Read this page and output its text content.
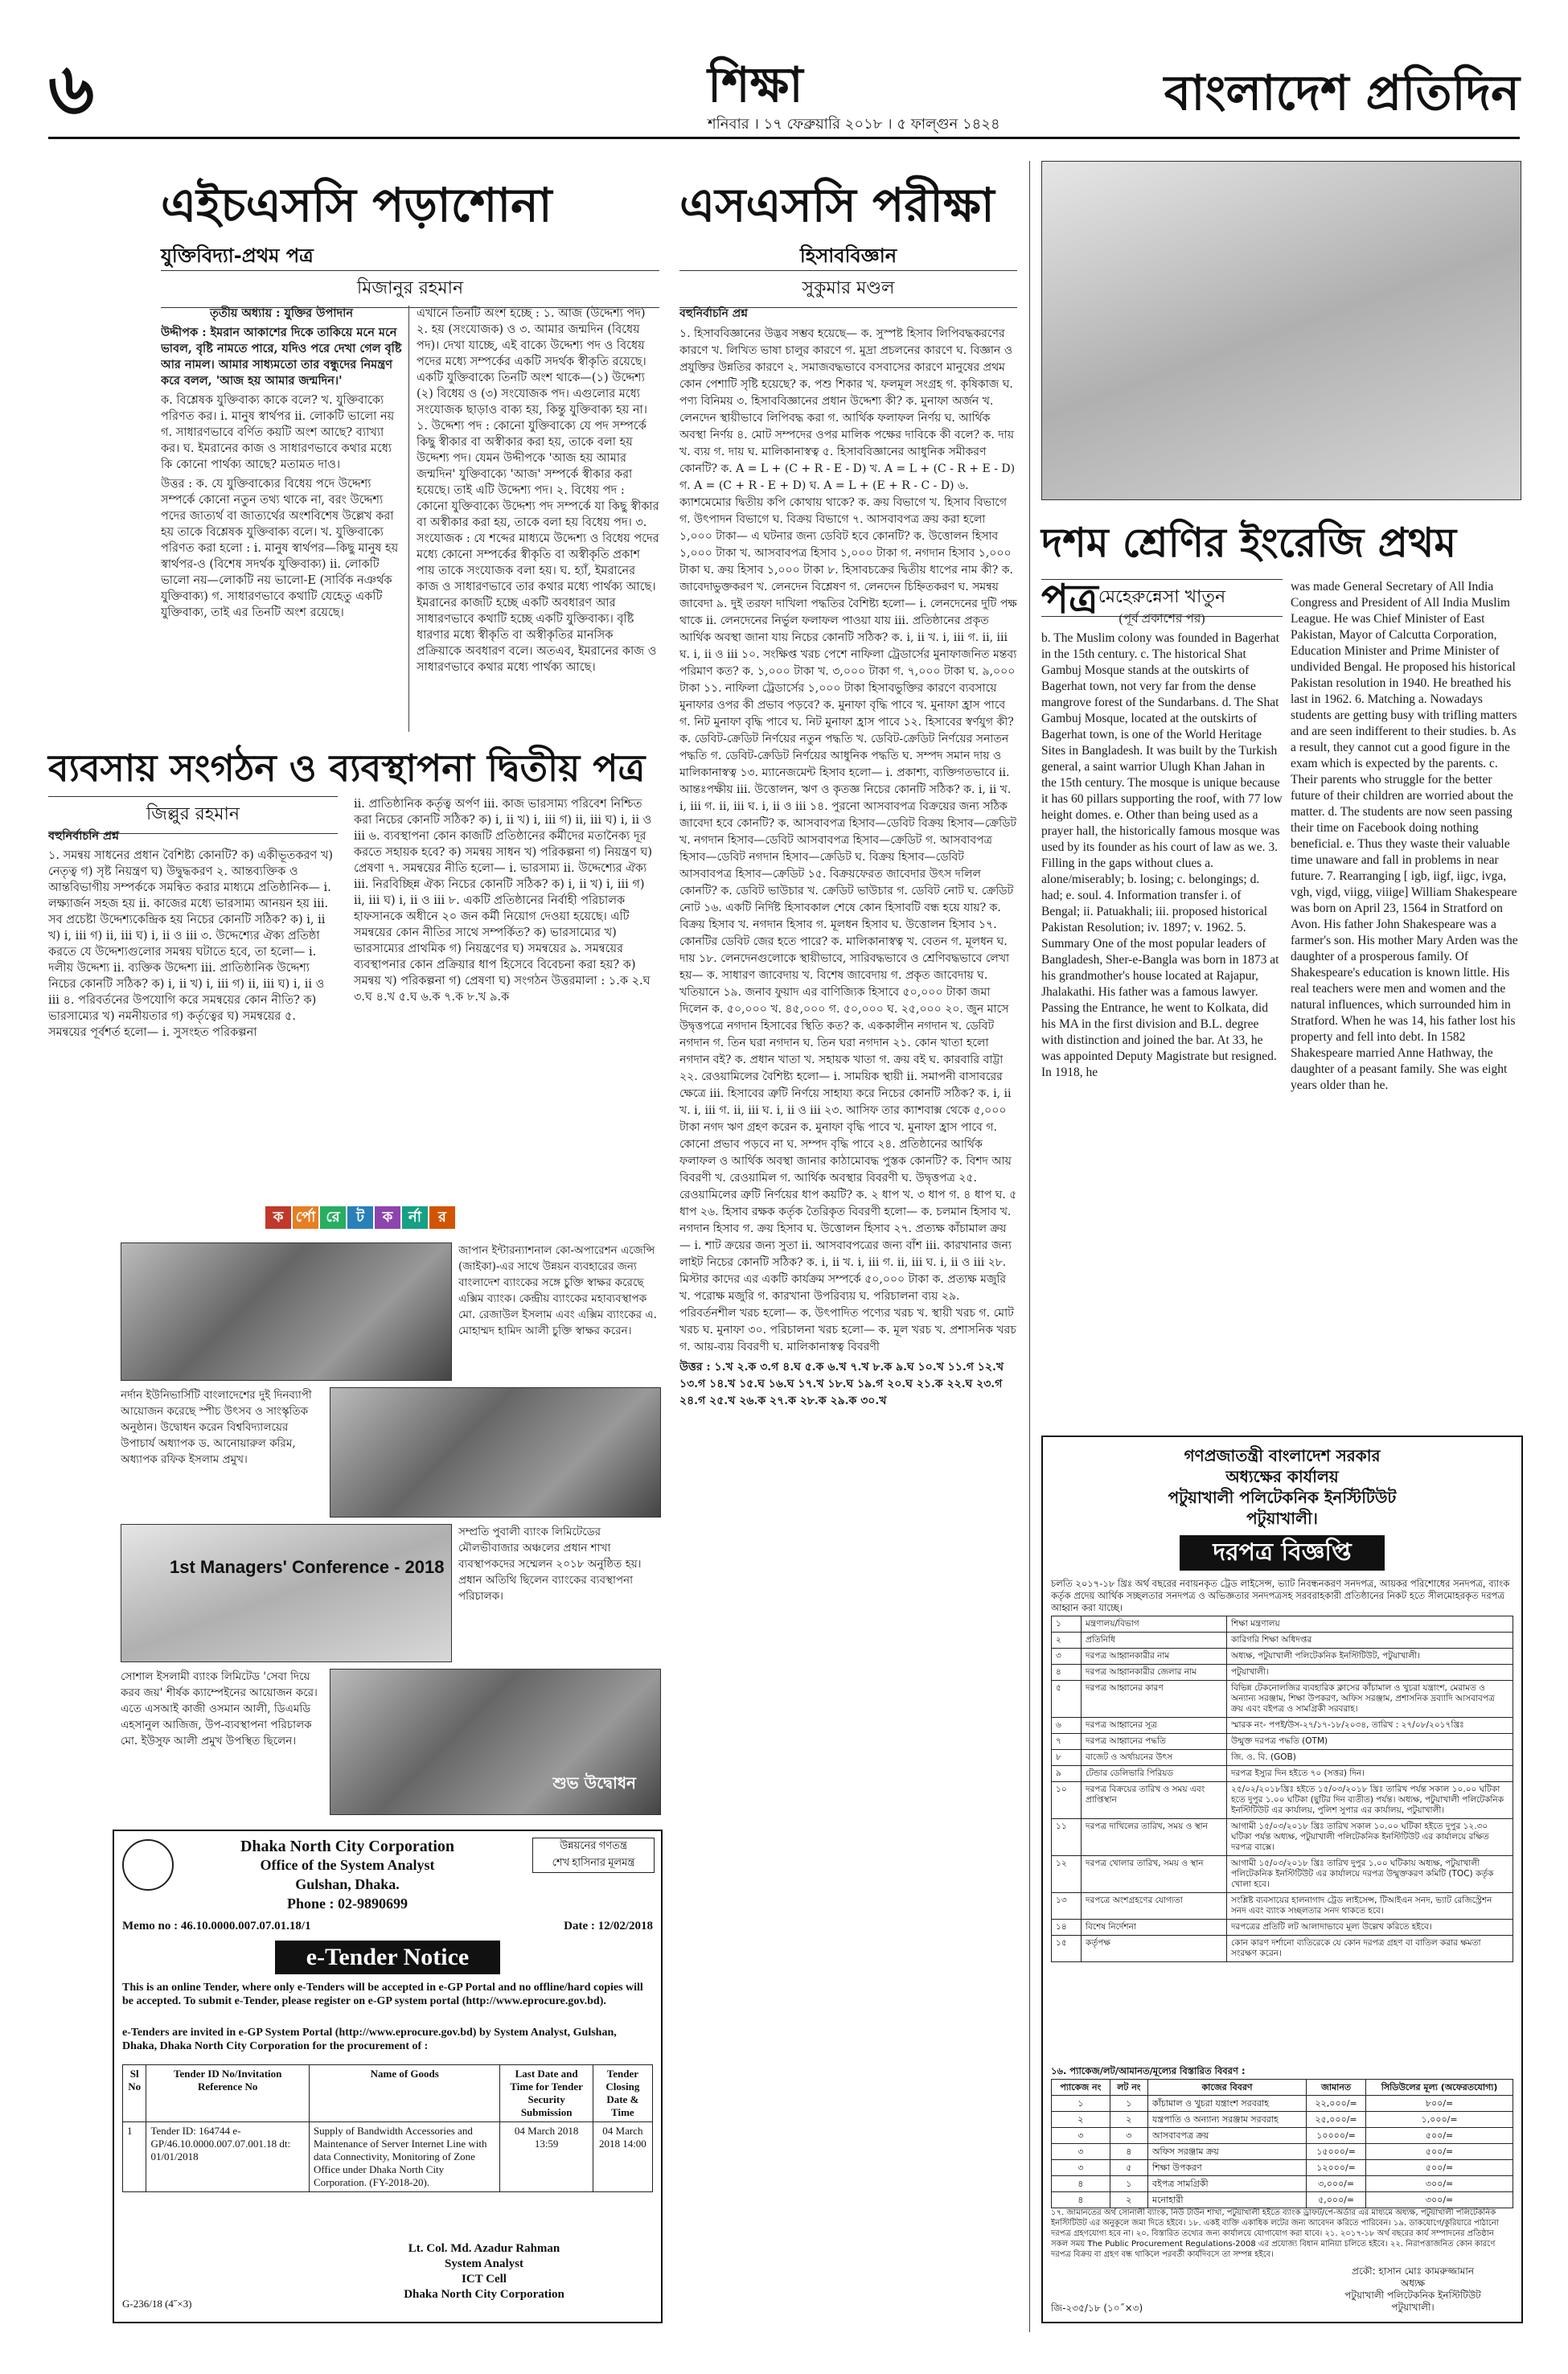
৬	শিক্ষা
শনিবার । ১৭ ফেব্রুয়ারি ২০১৮ । ৫ ফাল্গুন ১৪২৪
বাংলাদেশ প্রতিদিন
এইচএসসি পড়াশোনা
যুক্তিবিদ্যা-প্রথম পত্র
মিজানুর রহমান

তৃতীয় অধ্যায় : যুক্তির উপাদান

উদ্দীপক : ইমরান আকাশের দিকে তাকিয়ে মনে মনে ভাবল, বৃষ্টি নামতে পারে, যদিও পরে দেখা গেল বৃষ্টি আর নামল। আমার সাধ্যমতো তার বন্ধুদের নিমন্ত্রণ করে বলল, 'আজ হয় আমার জন্মদিন।'

ক. বিশ্লেষক যুক্তিবাক্য কাকে বলে? খ. যুক্তিবাক্যে পরিণত কর। i. মানুষ স্বার্থপর ii. লোকটি ভালো নয় গ. সাধারণভাবে বর্ণিত কয়টি অংশ আছে? ব্যাখ্যা কর। ঘ. ইমরানের কাজ ও সাধারণভাবে কথার মধ্যে কি কোনো পার্থক্য আছে? মতামত দাও।

উত্তর : ক. যে যুক্তিবাক্যের বিধেয় পদে উদ্দেশ্য সম্পর্কে কোনো নতুন তথ্য থাকে না, বরং উদ্দেশ্য পদের জাত্যর্থ বা জাত্যর্থের অংশবিশেষ উল্লেখ করা হয় তাকে বিশ্লেষক যুক্তিবাক্য বলে। খ. যুক্তিবাক্যে পরিণত করা হলো : i. মানুষ স্বার্থপর—কিছু মানুষ হয় স্বার্থপর-ও (বিশেষ সদর্থক যুক্তিবাক্য) ii. লোকটি ভালো নয়—লোকটি নয় ভালো-E (সার্বিক নঞর্থক যুক্তিবাক্য) গ. সাধারণভাবে কথাটি যেহেতু একটি যুক্তিবাক্য, তাই এর তিনটি অংশ রয়েছে।

এখানে তিনটি অংশ হচ্ছে : ১. আজ (উদ্দেশ্য পদ) ২. হয় (সংযোজক) ও ৩. আমার জন্মদিন (বিধেয় পদ)। দেখা যাচ্ছে, এই বাক্যে উদ্দেশ্য পদ ও বিধেয় পদের মধ্যে সম্পর্কের একটি সদর্থক স্বীকৃতি রয়েছে। একটি যুক্তিবাক্যে তিনটি অংশ থাকে—(১) উদ্দেশ্য (২) বিধেয় ও (৩) সংযোজক পদ। এগুলোর মধ্যে সংযোজক ছাড়াও বাক্য হয়, কিন্তু যুক্তিবাক্য হয় না। ১. উদ্দেশ্য পদ : কোনো যুক্তিবাক্যে যে পদ সম্পর্কে কিছু স্বীকার বা অস্বীকার করা হয়, তাকে বলা হয় উদ্দেশ্য পদ। যেমন উদ্দীপকে 'আজ হয় আমার জন্মদিন' যুক্তিবাক্যে 'আজ' সম্পর্কে স্বীকার করা হয়েছে। তাই এটি উদ্দেশ্য পদ। ২. বিধেয় পদ : কোনো যুক্তিবাক্যে উদ্দেশ্য পদ সম্পর্কে যা কিছু স্বীকার বা অস্বীকার করা হয়, তাকে বলা হয় বিধেয় পদ। ৩. সংযোজক : যে শব্দের মাধ্যমে উদ্দেশ্য ও বিধেয় পদের মধ্যে কোনো সম্পর্কের স্বীকৃতি বা অস্বীকৃতি প্রকাশ পায় তাকে সংযোজক বলা হয়। ঘ. হ্যাঁ, ইমরানের কাজ ও সাধারণভাবে তার কথার মধ্যে পার্থক্য আছে। ইমরানের কাজটি হচ্ছে একটি অবধারণ আর সাধারণভাবে কথাটি হচ্ছে একটি যুক্তিবাক্য। বৃষ্টি ধারণার মধ্যে স্বীকৃতি বা অস্বীকৃতির মানসিক প্রক্রিয়াকে অবধারণ বলে। অতএব, ইমরানের কাজ ও সাধারণভাবে কথার মধ্যে পার্থক্য আছে।

এসএসসি পরীক্ষা
হিসাববিজ্ঞান
সুকুমার মণ্ডল

বহুনির্বাচনি প্রশ্ন

১. হিসাববিজ্ঞানের উদ্ভব সম্ভব হয়েছে— ক. সুস্পষ্ট হিসাব লিপিবদ্ধকরণের কারণে খ. লিখিত ভাষা চালুর কারণে গ. মুদ্রা প্রচলনের কারণে ঘ. বিজ্ঞান ও প্রযুক্তির উন্নতির কারণে ২. সমাজবদ্ধভাবে বসবাসের কারণে মানুষের প্রথম কোন পেশাটি সৃষ্টি হয়েছে? ক. পশু শিকার খ. ফলমূল সংগ্রহ গ. কৃষিকাজ ঘ. পণ্য বিনিময় ৩. হিসাববিজ্ঞানের প্রধান উদ্দেশ্য কী? ক. মুনাফা অর্জন খ. লেনদেন স্থায়ীভাবে লিপিবদ্ধ করা গ. আর্থিক ফলাফল নির্ণয় ঘ. আর্থিক অবস্থা নির্ণয় ৪. মোট সম্পদের ওপর মালিক পক্ষের দাবিকে কী বলে? ক. দায় খ. ব্যয় গ. দায় ঘ. মালিকানাস্বত্ব ৫. হিসাববিজ্ঞানের আধুনিক সমীকরণ কোনটি? ক. A = L + (C + R - E - D) খ. A = L + (C - R + E - D) গ. A = (C + R - E + D) ঘ. A = L + (E + R - C - D) ৬. ক্যাশমেমোর দ্বিতীয় কপি কোথায় থাকে? ক. ক্রয় বিভাগে খ. হিসাব বিভাগে গ. উৎপাদন বিভাগে ঘ. বিক্রয় বিভাগে ৭. আসবাবপত্র ক্রয় করা হলো ১,০০০ টাকা— এ ঘটনার জন্য ডেবিট হবে কোনটি? ক. উত্তোলন হিসাব ১,০০০ টাকা খ. আসবাবপত্র হিসাব ১,০০০ টাকা গ. নগদান হিসাব ১,০০০ টাকা ঘ. ক্রয় হিসাব ১,০০০ টাকা ৮. হিসাবচক্রের দ্বিতীয় ধাপের নাম কী? ক. জাবেদাভুক্তকরণ খ. লেনদেন বিশ্লেষণ গ. লেনদেন চিহ্নিতকরণ ঘ. সমন্বয় জাবেদা ৯. দুই তরফা দাখিলা পদ্ধতির বৈশিষ্ট্য হলো— i. লেনদেনের দুটি পক্ষ থাকে ii. লেনদেনের নির্ভুল ফলাফল পাওয়া যায় iii. প্রতিষ্ঠানের প্রকৃত আর্থিক অবস্থা জানা যায় নিচের কোনটি সঠিক? ক. i, ii খ. i, iii গ. ii, iii ঘ. i, ii ও iii ১০. সংক্ষিপ্ত খরচ পেশে নাফিলা ট্রেডার্সের মুনাফাজনিত মন্তব্য পরিমাণ কত? ক. ১,০০০ টাকা খ. ৩,০০০ টাকা গ. ৭,০০০ টাকা ঘ. ৯,০০০ টাকা ১১. নাফিলা ট্রেডার্সের ১,০০০ টাকা হিসাবভুক্তির কারণে ব্যবসায়ে মুনাফার ওপর কী প্রভাব পড়বে? ক. মুনাফা বৃদ্ধি পাবে খ. মুনাফা হ্রাস পাবে গ. নিট মুনাফা বৃদ্ধি পাবে ঘ. নিট মুনাফা হ্রাস পাবে ১২. হিসাবের স্বর্ণযুগ কী? ক. ডেবিট-ক্রেডিট নির্ণয়ের নতুন পদ্ধতি খ. ডেবিট-ক্রেডিট নির্ণয়ের সনাতন পদ্ধতি গ. ডেবিট-ক্রেডিট নির্ণয়ের আধুনিক পদ্ধতি ঘ. সম্পদ সমান দায় ও মালিকানাস্বত্ব ১৩. ম্যানেজমেন্ট হিসাব হলো— i. প্রকাশ্য, ব্যক্তিগতভাবে ii. আন্তঃপক্ষীয় iii. উত্তোলন, ঋণ ও কৃতজ্ঞ নিচের কোনটি সঠিক? ক. i, ii খ. i, iii গ. ii, iii ঘ. i, ii ও iii ১৪. পুরনো আসবাবপত্র বিক্রয়ের জন্য সঠিক জাবেদা হবে কোনটি? ক. আসবাবপত্র হিসাব—ডেবিট বিক্রয় হিসাব—ক্রেডিট খ. নগদান হিসাব—ডেবিট আসবাবপত্র হিসাব—ক্রেডিট গ. আসবাবপত্র হিসাব—ডেবিট নগদান হিসাব—ক্রেডিট ঘ. বিক্রয় হিসাব—ডেবিট আসবাবপত্র হিসাব—ক্রেডিট ১৫. বিক্রয়ফেরত জাবেদার উৎস দলিল কোনটি? ক. ডেবিট ভাউচার খ. ক্রেডিট ভাউচার গ. ডেবিট নোট ঘ. ক্রেডিট নোট ১৬. একটি নির্দিষ্ট হিসাবকাল শেষে কোন হিসাবটি বন্ধ হয়ে যায়? ক. বিক্রয় হিসাব খ. নগদান হিসাব গ. মূলধন হিসাব ঘ. উত্তোলন হিসাব ১৭. কোনটির ডেবিট জের হতে পারে? ক. মালিকানাস্বত্ব খ. বেতন গ. মূলধন ঘ. দায় ১৮. লেনদেনগুলোকে স্থায়ীভাবে, সারিবদ্ধভাবে ও শ্রেণিবদ্ধভাবে লেখা হয়— ক. সাধারণ জাবেদায় খ. বিশেষ জাবেদায় গ. প্রকৃত জাবেদায় ঘ. খতিয়ানে ১৯. জনাব ফুয়াদ এর বাণিজ্যিক হিসাবে ৫০,০০০ টাকা জমা দিলেন ক. ৫০,০০০ খ. ৪৫,০০০ গ. ৫০,০০০ ঘ. ২৫,০০০ ২০. জুন মাসে উদ্বৃত্তপত্রে নগদান হিসাবের স্থিতি কত? ক. এককালীন নগদান খ. ডেবিট নগদান গ. তিন ঘরা নগদান ঘ. তিন ঘরা নগদান ২১. কোন খাতা হলো নগদান বই? ক. প্রধান খাতা খ. সহায়ক খাতা গ. ক্রয় বই ঘ. কারবারি বাট্টা ২২. রেওয়ামিলের বৈশিষ্ট্য হলো— i. সাময়িক স্থায়ী ii. সমাপনী বাসাবরের ক্ষেত্রে iii. হিসাবের ত্রুটি নির্ণয়ে সাহায্য করে নিচের কোনটি সঠিক? ক. i, ii খ. i, iii গ. ii, iii ঘ. i, ii ও iii ২৩. আসিফ তার ক্যাশবাক্স থেকে ৫,০০০ টাকা নগদ ঋণ গ্রহণ করেন ক. মুনাফা বৃদ্ধি পাবে খ. মুনাফা হ্রাস পাবে গ. কোনো প্রভাব পড়বে না ঘ. সম্পদ বৃদ্ধি পাবে ২৪. প্রতিষ্ঠানের আর্থিক ফলাফল ও আর্থিক অবস্থা জানার কাঠামোবদ্ধ পুস্তক কোনটি? ক. বিশদ আয় বিবরণী খ. রেওয়ামিল গ. আর্থিক অবস্থার বিবরণী ঘ. উদ্বৃত্তপত্র ২৫. রেওয়ামিলের ত্রুটি নির্ণয়ের ধাপ কয়টি? ক. ২ ধাপ খ. ৩ ধাপ গ. ৪ ধাপ ঘ. ৫ ধাপ ২৬. হিসাব রক্ষক কর্তৃক তৈরিকৃত বিবরণী হলো— ক. চলমান হিসাব খ. নগদান হিসাব গ. ক্রয় হিসাব ঘ. উত্তোলন হিসাব ২৭. প্রত্যক্ষ কাঁচামাল ক্রয়— i. শাট ক্রয়ের জন্য সুতা ii. আসবাবপত্রের জন্য বাঁশ iii. কারখানার জন্য লাইট নিচের কোনটি সঠিক? ক. i, ii খ. i, iii গ. ii, iii ঘ. i, ii ও iii ২৮. মিস্টার কাদের এর একটি কার্যক্রম সম্পর্কে ৫০,০০০ টাকা ক. প্রত্যক্ষ মজুরি খ. পরোক্ষ মজুরি গ. কারখানা উপরিব্যয় ঘ. পরিচালনা ব্যয় ২৯. পরিবর্তনশীল খরচ হলো— ক. উৎপাদিত পণ্যের খরচ খ. স্থায়ী খরচ গ. মোট খরচ ঘ. মুনাফা ৩০. পরিচালনা খরচ হলো— ক. মূল খরচ খ. প্রশাসনিক খরচ গ. আয়-ব্যয় বিবরণী ঘ. মালিকানাস্বত্ব বিবরণী

উত্তর : ১.খ ২.ক ৩.গ ৪.ঘ ৫.ক ৬.খ ৭.খ ৮.ক ৯.ঘ ১০.খ ১১.গ ১২.খ ১৩.গ ১৪.খ ১৫.ঘ ১৬.ঘ ১৭.খ ১৮.ঘ ১৯.গ ২০.ঘ ২১.ক ২২.ঘ ২৩.গ ২৪.গ ২৫.খ ২৬.ক ২৭.ক ২৮.ক ২৯.ক ৩০.খ

দশম শ্রেণির ইংরেজি প্রথম পত্র মেহেরুন্নেসা খাতুন

(পূর্ব প্রকাশের পর)

b. The Muslim colony was founded in Bagerhat in the 15th century. c. The historical Shat Gambuj Mosque stands at the outskirts of Bagerhat town, not very far from the dense mangrove forest of the Sundarbans. d. The Shat Gambuj Mosque, located at the outskirts of Bagerhat town, is one of the World Heritage Sites in Bangladesh. It was built by the Turkish general, a saint warrior Ulugh Khan Jahan in the 15th century. The mosque is unique because it has 60 pillars supporting the roof, with 77 low height domes. e. Other than being used as a prayer hall, the historically famous mosque was used by its founder as his court of law as we. 3. Filling in the gaps without clues a. alone/miserably; b. losing; c. belongings; d. had; e. soul. 4. Information transfer i. of Bengal; ii. Patuakhali; iii. proposed historical Pakistan Resolution; iv. 1897; v. 1962. 5. Summary One of the most popular leaders of Bangladesh, Sher-e-Bangla was born in 1873 at his grandmother's house located at Rajapur, Jhalakathi. His father was a famous lawyer. Passing the Entrance, he went to Kolkata, did his MA in the first division and B.L. degree with distinction and joined the bar. At 33, he was appointed Deputy Magistrate but resigned. In 1918, he

was made General Secretary of All India Congress and President of All India Muslim League. He was Chief Minister of East Pakistan, Mayor of Calcutta Corporation, Education Minister and Prime Minister of undivided Bengal. He proposed his historical Pakistan resolution in 1940. He breathed his last in 1962. 6. Matching a. Nowadays students are getting busy with trifling matters and are seen indifferent to their studies. b. As a result, they cannot cut a good figure in the exam which is expected by the parents. c. Their parents who struggle for the better future of their children are worried about the matter. d. The students are now seen passing their time on Facebook doing nothing beneficial. e. Thus they waste their valuable time unaware and fall in problems in near future. 7. Rearranging [ igb, iigf, iigc, ivga, vgh, vigd, viigg, viiige] William Shakespeare was born on April 23, 1564 in Stratford on Avon. His father John Shakespeare was a farmer's son. His mother Mary Arden was the daughter of a prosperous family. Of Shakespeare's education is known little. His real teachers were men and women and the natural influences, which surrounded him in Stratford. When he was 14, his father lost his property and fell into debt. In 1582 Shakespeare married Anne Hathway, the daughter of a peasant family. She was eight years older than he.

ব্যবসায় সংগঠন ও ব্যবস্থাপনা দ্বিতীয় পত্র
জিল্লুর রহমান

বহুনির্বাচনি প্রশ্ন

১. সমন্বয় সাধনের প্রধান বৈশিষ্ট্য কোনটি? ক) একীভূতকরণ খ) নেতৃত্ব গ) সৃষ্ট নিয়ন্ত্রণ ঘ) উদ্বুদ্ধকরণ ২. আন্তব্যক্তিক ও আন্তবিভাগীয় সম্পর্ককে সমন্বিত করার মাধ্যমে প্রতিষ্ঠানিক— i. লক্ষ্যার্জন সহজ হয় ii. কাজের মধ্যে ভারসাম্য আনয়ন হয় iii. সব প্রচেষ্টা উদ্দেশ্যকেন্দ্রিক হয় নিচের কোনটি সঠিক? ক) i, ii খ) i, iii গ) ii, iii ঘ) i, ii ও iii ৩. উদ্দেশ্যের ঐক্য প্রতিষ্ঠা করতে যে উদ্দেশ্যগুলোর সমন্বয় ঘটাতে হবে, তা হলো— i. দলীয় উদ্দেশ্য ii. ব্যক্তিক উদ্দেশ্য iii. প্রাতিষ্ঠানিক উদ্দেশ্য নিচের কোনটি সঠিক? ক) i, ii খ) i, iii গ) ii, iii ঘ) i, ii ও iii ৪. পরিবর্তনের উপযোগি করে সমন্বয়ের কোন নীতি? ক) ভারসাম্যের খ) নমনীয়তার গ) কর্তৃত্বের ঘ) সমন্বয়ের ৫. সমন্বয়ের পূর্বশর্ত হলো— i. সুসংহত পরিকল্পনা

ii. প্রাতিষ্ঠানিক কর্তৃত্ব অর্পণ iii. কাজ ভারসাম্য পরিবেশ নিশ্চিত করা নিচের কোনটি সঠিক? ক) i, ii খ) i, iii গ) ii, iii ঘ) i, ii ও iii ৬. ব্যবস্থাপনা কোন কাজটি প্রতিষ্ঠানের কর্মীদের মতানৈক্য দূর করতে সহায়ক হবে? ক) সমন্বয় সাধন খ) পরিকল্পনা গ) নিয়ন্ত্রণ ঘ) প্রেষণা ৭. সমন্বয়ের নীতি হলো— i. ভারসাম্য ii. উদ্দেশ্যের ঐক্য iii. নিরবিচ্ছিন্ন ঐক্য নিচের কোনটি সঠিক? ক) i, ii খ) i, iii গ) ii, iii ঘ) i, ii ও iii ৮. একটি প্রতিষ্ঠানের নির্বাহী পরিচালক হাফসানকে অধীনে ২০ জন কর্মী নিয়োগ দেওয়া হয়েছে। এটি সমন্বয়ের কোন নীতির সাথে সম্পর্কিত? ক) ভারসাম্যের খ) ভারসাম্যের প্রাথমিক গ) নিয়ন্ত্রণের ঘ) সমন্বয়ের ৯. সমন্বয়ের ব্যবস্থাপনার কোন প্রক্রিয়ার ধাপ হিসেবে বিবেচনা করা হয়? ক) সমন্বয় খ) পরিকল্পনা গ) প্রেষণা ঘ) সংগঠন উত্তরমালা : ১.ক ২.ঘ ৩.ঘ ৪.খ ৫.ঘ ৬.ক ৭.ক ৮.খ ৯.ক

ক র্পো রে ট ক র্না র
জাপান ইন্টারন্যাশনাল কো-অপারেশন এজেন্সি (জাইকা)-এর সাথে উন্নয়ন ব্যবহারের জন্য বাংলাদেশ ব্যাংকের সঙ্গে চুক্তি স্বাক্ষর করেছে এক্সিম ব্যাংক। কেন্দ্রীয় ব্যাংকের মহাব্যবস্থাপক মো. রেজাউল ইসলাম এবং এক্সিম ব্যাংকের এ. মোহাম্মদ হামিদ আলী চুক্তি স্বাক্ষর করেন।
নর্দান ইউনিভার্সিটি বাংলাদেশের দুই দিনব্যাপী আয়োজন করেছে স্পীচ উৎসব ও সাংস্কৃতিক অনুষ্ঠান। উদ্বোধন করেন বিশ্ববিদ্যালয়ের উপাচার্য অধ্যাপক ড. আনোয়ারুল করিম, অধ্যাপক রফিক ইসলাম প্রমুখ।
1st Managers' Conference - 2018
সম্প্রতি পুবালী ব্যাংক লিমিটেডের মৌলভীবাজার অঞ্চলের প্রধান শাখা ব্যবস্থাপকদের সম্মেলন ২০১৮ অনুষ্ঠিত হয়। প্রধান অতিথি ছিলেন ব্যাংকের ব্যবস্থাপনা পরিচালক।
সোশাল ইসলামী ব্যাংক লিমিটেড 'সেবা দিয়ে করব জয়' শীর্ষক ক্যাম্পেইনের আয়োজন করে। এতে এসআই কাজী ওসমান আলী, ডিএমডি এহসানুল আজিজ, উপ-ব্যবস্থাপনা পরিচালক মো. ইউসুফ আলী প্রমুখ উপস্থিত ছিলেন।
শুভ উদ্বোধন
Dhaka North City Corporation
Office of the System Analyst
Gulshan, Dhaka.
Phone : 02-9890699
উন্নয়নের গণতন্ত্র
শেখ হাসিনার মূলমন্ত্র
Memo no : 46.10.0000.007.07.01.18/1	Date : 12/02/2018
e-Tender Notice
This is an online Tender, where only e-Tenders will be accepted in e-GP Portal and no offline/hard copies will be accepted. To submit e-Tender, please register on e-GP system portal (http://www.eprocure.gov.bd).
e-Tenders are invited in e-GP System Portal (http://www.eprocure.gov.bd) by System Analyst, Gulshan, Dhaka, Dhaka North City Corporation for the procurement of :
Sl No	Tender ID No/Invitation Reference No	Name of Goods	Last Date and Time for Tender Security Submission	Tender Closing Date & Time
1	Tender ID: 164744 e-GP/46.10.0000.007.07.001.18 dt: 01/01/2018	Supply of Bandwidth Accessories and Maintenance of Server Internet Line with data Connectivity, Monitoring of Zone Office under Dhaka North City Corporation. (FY-2018-20).	04 March 2018 13:59	04 March 2018 14:00
Lt. Col. Md. Azadur Rahman
System Analyst
ICT Cell
Dhaka North City Corporation
G-236/18 (4˝×3)
গণপ্রজাতন্ত্রী বাংলাদেশ সরকার
অধ্যক্ষের কার্যালয়
পটুয়াখালী পলিটেকনিক ইনস্টিটিউট
পটুয়াখালী।
দরপত্র বিজ্ঞপ্তি
চলতি ২০১৭-১৮ খ্রিঃ অর্থ বছরের নবায়নকৃত ট্রেড লাইসেন্স, ভ্যাট নিবন্ধনকরণ সনদপত্র, আয়কর পরিশোধের সনদপত্র, ব্যাংক কর্তৃক প্রদেয় আর্থিক সচ্ছলতার সনদপত্র ও অভিজ্ঞতার সনদপত্রসহ সরবরাহকারী প্রতিষ্ঠানের নিকট হতে সীলমোহরকৃত দরপত্র আহ্বান করা যাচ্ছে।
১	মন্ত্রণালয়/বিভাগ	শিক্ষা মন্ত্রণালয়
২	প্রতিনিধি	কারিগরি শিক্ষা অধিদপ্তর
৩	দরপত্র আহ্বানকারীর নাম	অধ্যক্ষ, পটুয়াখালী পলিটেকনিক ইনস্টিটিউট, পটুয়াখালী।
৪	দরপত্র আহ্বানকারীর জেলার নাম	পটুয়াখালী।
৫	দরপত্র আহ্বানের কারণ	বিভিন্ন টেকনোলজির ব্যবহারিক ক্লাসের কাঁচামাল ও খুচরা যন্ত্রাংশ, মেরামত ও অন্যান্য সরঞ্জাম, শিক্ষা উপকরণ, অফিস সরঞ্জাম, প্রশাসনিক দ্রব্যাদি আসবাবপত্র ক্রয় এবং বইপত্র ও সামগ্রিকী সরবরাহ।
৬	দরপত্র আহ্বানের সূত্র	স্মারক নং- পপই/উস-২৭/১৭-১৮/২০৩৪, তারিখ : ২৭/০৮/২০১৭খ্রিঃ
৭	দরপত্র আহ্বানের পদ্ধতি	উন্মুক্ত দরপত্র পদ্ধতি (OTM)
৮	বাজেট ও অর্থায়নের উৎস	জি. ও. বি. (GOB)
৯	টেন্ডার ডেলিভারি পিরিয়ড	দরপত্র ইস্যুর দিন হইতে ৭০ (সত্তর) দিন।
১০	দরপত্র বিক্রয়ের তারিখ ও সময় এবং প্রাপ্তিস্থান	২৫/০২/২০১৮খ্রিঃ হইতে ১৫/০৩/২০১৮ খ্রিঃ তারিখ পর্যন্ত সকাল ১০.০০ ঘটিকা হতে দুপুর ১.০০ ঘটিকা (ছুটির দিন ব্যতীত) পর্যন্ত। অধ্যক্ষ, পটুয়াখালী পলিটেকনিক ইনস্টিটিউট এর কার্যালয়, পুলিশ সুপার এর কার্যালয়, পটুয়াখালী।
১১	দরপত্র দাখিলের তারিখ, সময় ও স্থান	আগামী ১৫/০৩/২০১৮ খ্রিঃ তারিখ সকাল ১০.০০ ঘটিকা হইতে দুপুর ১২.৩০ ঘটিকা পর্যন্ত অধ্যক্ষ, পটুয়াখালী পলিটেকনিক ইনস্টিটিউট এর কার্যালয়ে রক্ষিত দরপত্র বাক্সে।
১২	দরপত্র খোলার তারিখ, সময় ও স্থান	আগামী ১৫/০৩/২০১৮ খ্রিঃ তারিখ দুপুর ১.০০ ঘটিকায় অধ্যক্ষ, পটুয়াখালী পলিটেকনিক ইনস্টিটিউট এর কার্যালয়ে দরপত্র উন্মুক্তকরণ কমিটি (TOC) কর্তৃক খোলা হবে।
১৩	দরপত্রে অংশগ্রহণের যোগ্যতা	সংশ্লিষ্ট ব্যবসায়ের হালনাগাদ ট্রেড লাইসেন্স, টিআইএন সনদ, ভ্যাট রেজিস্ট্রেশন সনদ এবং ব্যাংক সচ্ছলতার সনদ থাকতে হবে।
১৪	বিশেষ নির্দেশনা	দরপত্রের প্রতিটি লট আলাদাভাবে মূল্য উল্লেখ করিতে হইবে।
১৫	কর্তৃপক্ষ	কোন কারণ দর্শানো ব্যতিরেকে যে কোন দরপত্র গ্রহণ বা বাতিল করার ক্ষমতা সংরক্ষণ করেন।
১৬. প্যাকেজ/লট/আমানত/মূল্যের বিস্তারিত বিবরণ :
প্যাকেজ নং	লট নং	কাজের বিবরণ	জামানত	সিডিউলের মূল্য (অফেরতযোগ্য)
১	১	কাঁচামাল ও খুচরা যন্ত্রাংশ সরবরাহ	২২,০০০/=	৮০০/=
২	২	যন্ত্রপাতি ও অন্যান্য সরঞ্জাম সরবরাহ	২৫,০০০/=	১,০০০/=
৩	৩	আসবাবপত্র ক্রয়	১০০০০/=	৫০০/=
৩	৪	অফিস সরঞ্জাম ক্রয়	১৫০০০/=	৫০০/=
৩	৫	শিক্ষা উপকরণ	১২০০০/=	৫০০/=
৪	১	বইপত্র সামগ্রিকী	৩,০০০/=	৩০০/=
৪	২	মনোহারী	৫,০০০/=	৩০০/=
১৭. জামানতের অর্থ সোনালী ব্যাংক, নিউ টাউন শাখা, পটুয়াখালী হইতে ব্যাংক ড্রাফট/পে-অর্ডার এর মাধ্যমে অধ্যক্ষ, পটুয়াখালী পলিটেকনিক ইনস্টিটিউট এর অনুকূলে জমা দিতে হইবে। ১৮. একই ব্যক্তি একাধিক লটের জন্য আবেদন করিতে পারিবেন। ১৯. ডাকযোগে/কুরিয়ারে পাঠানো দরপত্র গ্রহণযোগ্য হবে না। ২০. বিস্তারিত তথ্যের জন্য কার্যালয়ে যোগাযোগ করা যাবে। ২১. ২০১৭-১৮ অর্থ বছরের কার্য সম্পাদনের প্রতিষ্ঠান সকল সময় The Public Procurement Regulations-2008 এর প্রযোজ্য বিধান মানিয়া চলিতে হইবে। ২২. নিরাপত্তাজনিত কোন কারণে দরপত্র বিক্রয় বা গ্রহণ বন্ধ থাকিলে পরবর্তী কার্যদিবসে তা সম্পন্ন হইবে।
প্রকৌ: হাসান মোঃ কামরুজ্জামান
অধ্যক্ষ
পটুয়াখালী পলিটেকনিক ইনস্টিটিউট
পটুয়াখালী।
জি-২৩৫/১৮ (১০˝×৩)
